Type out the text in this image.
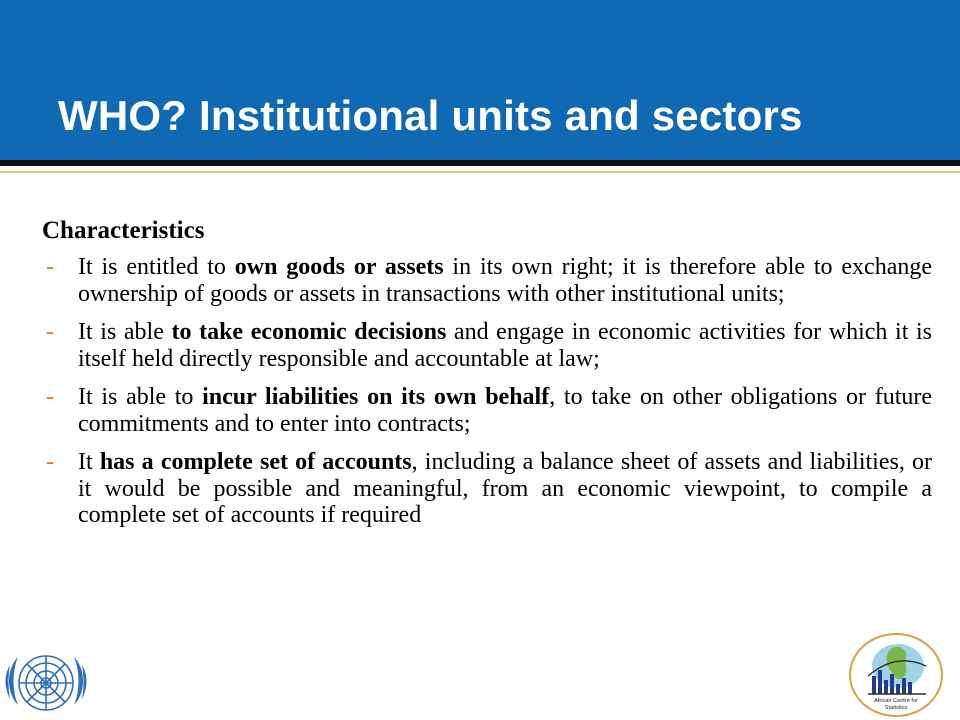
WHO? Institutional units and sectors
Characteristics
- It is entitled to own goods or assets in its own right; it is therefore able to exchange ownership of goods or assets in transactions with other institutional units;
- It is able to take economic decisions and engage in economic activities for which it is itself held directly responsible and accountable at law;
- It is able to incur liabilities on its own behalf, to take on other obligations or future commitments and to enter into contracts;
- It has a complete set of accounts, including a balance sheet of assets and liabilities, or it would be possible and meaningful, from an economic viewpoint, to compile a complete set of accounts if required
African Centre for
Statistics
